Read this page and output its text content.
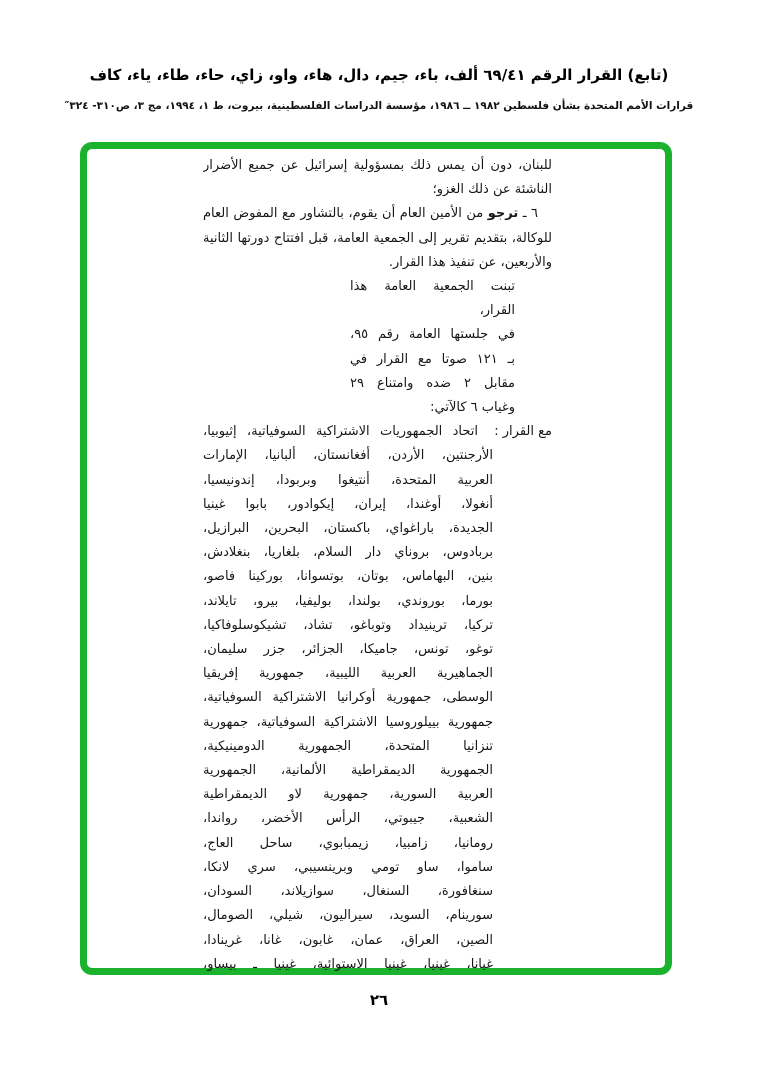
(تابع) القرار الرقم ٦٩/٤١ ألف، باء، جيم، دال، هاء، واو، زاي، حاء، طاء، ياء، كاف
قرارات الأمم المتحدة بشأن فلسطين ١٩٨٢ ــ ١٩٨٦، مؤسسة الدراسات الفلسطينية، بيروت، ط ١، ١٩٩٤، مج ٣، ص٣١٠- ٣٢٤″
للبنان، دون أن يمس ذلك بمسؤولية إسرائيل عن جميع الأضرار
الناشئة عن ذلك الغزو؛
٦ ـ ترجو من الأمين العام أن يقوم، بالتشاور مع المفوض العام
للوكالة، بتقديم تقرير إلى الجمعية العامة، قبل افتتاح دورتها الثانية
والأربعين، عن تنفيذ هذا القرار.
تبنت الجمعية العامة هذا القرار،
في جلستها العامة رقم ٩٥،
بـ ١٢١ صوتا مع القرار في
مقابل ٢ ضده وامتناع ٢٩
وغياب ٦ كالآتي:
مع القرار :
اتحاد الجمهوريات الاشتراكية السوفياتية، إثيوبيا،
الأرجنتين، الأردن، أفغانستان، ألبانيا، الإمارات
العربية المتحدة، أنتيغوا وبربودا، إندونيسيا،
أنغولا، أوغندا، إيران، إيكوادور، بابوا غينيا
الجديدة، باراغواي، باكستان، البحرين، البرازيل،
بربادوس، بروناي دار السلام، بلغاريا، بنغلادش،
بنين، البهاماس، بوتان، بوتسوانا، بوركينا فاصو،
بورما، بوروندي، بولندا، بوليفيا، بيرو، تايلاند،
تركيا، ترينيداد وتوباغو، تشاد، تشيكوسلوفاكيا،
توغو، تونس، جاميكا، الجزائر، جزر سليمان،
الجماهيرية العربية الليبية، جمهورية إفريقيا
الوسطى، جمهورية أوكرانيا الاشتراكية السوفياتية،
جمهورية بييلوروسيا الاشتراكية السوفياتية، جمهورية
تنزانيا المتحدة، الجمهورية الدومينيكية،
الجمهورية الديمقراطية الألمانية، الجمهورية
العربية السورية، جمهورية لاو الديمقراطية
الشعبية، جيبوتي، الرأس الأخضر، رواندا،
رومانيا، زامبيا، زيمبابوي، ساحل العاج،
ساموا، ساو تومي وبرينسيبي، سري لانكا،
سنغافورة، السنغال، سوازيلاند، السودان،
سورينام، السويد، سيراليون، شيلي، الصومال،
الصين، العراق، عمان، غابون، غانا، غرينادا،
غيانا، غينيا، غينيا الاستوائية، غينيا ـ بيساو،
٢٦
